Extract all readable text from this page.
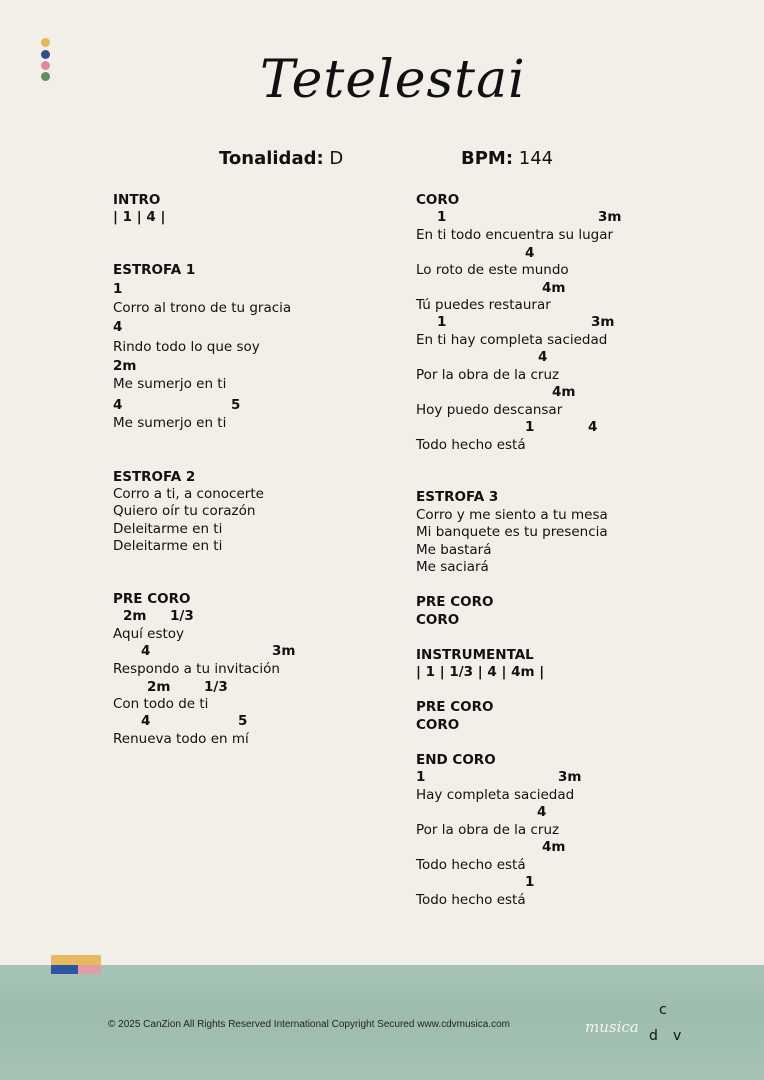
Tetelestai
Tonalidad: D	BPM: 144
INTRO
| 1 | 4 |
ESTROFA 1
1
Corro al trono de tu gracia
4
Rindo todo lo que soy
2m
Me sumerjo en ti
4	5
Me sumerjo en ti
ESTROFA 2
Corro a ti, a conocerte
Quiero oír tu corazón
Deleitarme en ti
Deleitarme en ti
PRE CORO
2m 1/3
Aquí estoy
4	3m
Respondo a tu invitación
2m 1/3
Con todo de ti
4	5
Renueva todo en mí
CORO
1	3m
En ti todo encuentra su lugar
4
Lo roto de este mundo
4m
Tú puedes restaurar
1	3m
En ti hay completa saciedad
4
Por la obra de la cruz
4m
Hoy puedo descansar
1	4
Todo hecho está
ESTROFA 3
Corro y me siento a tu mesa
Mi banquete es tu presencia
Me bastará
Me saciará
PRE CORO
CORO
INSTRUMENTAL
| 1 | 1/3 | 4 | 4m |
PRE CORO
CORO
END CORO
1	3m
Hay completa saciedad
4
Por la obra de la cruz
4m
Todo hecho está
1
Todo hecho está
© 2025 CanZion All Rights Reserved International Copyright Secured www.cdvmusica.com	musica
c
d v
